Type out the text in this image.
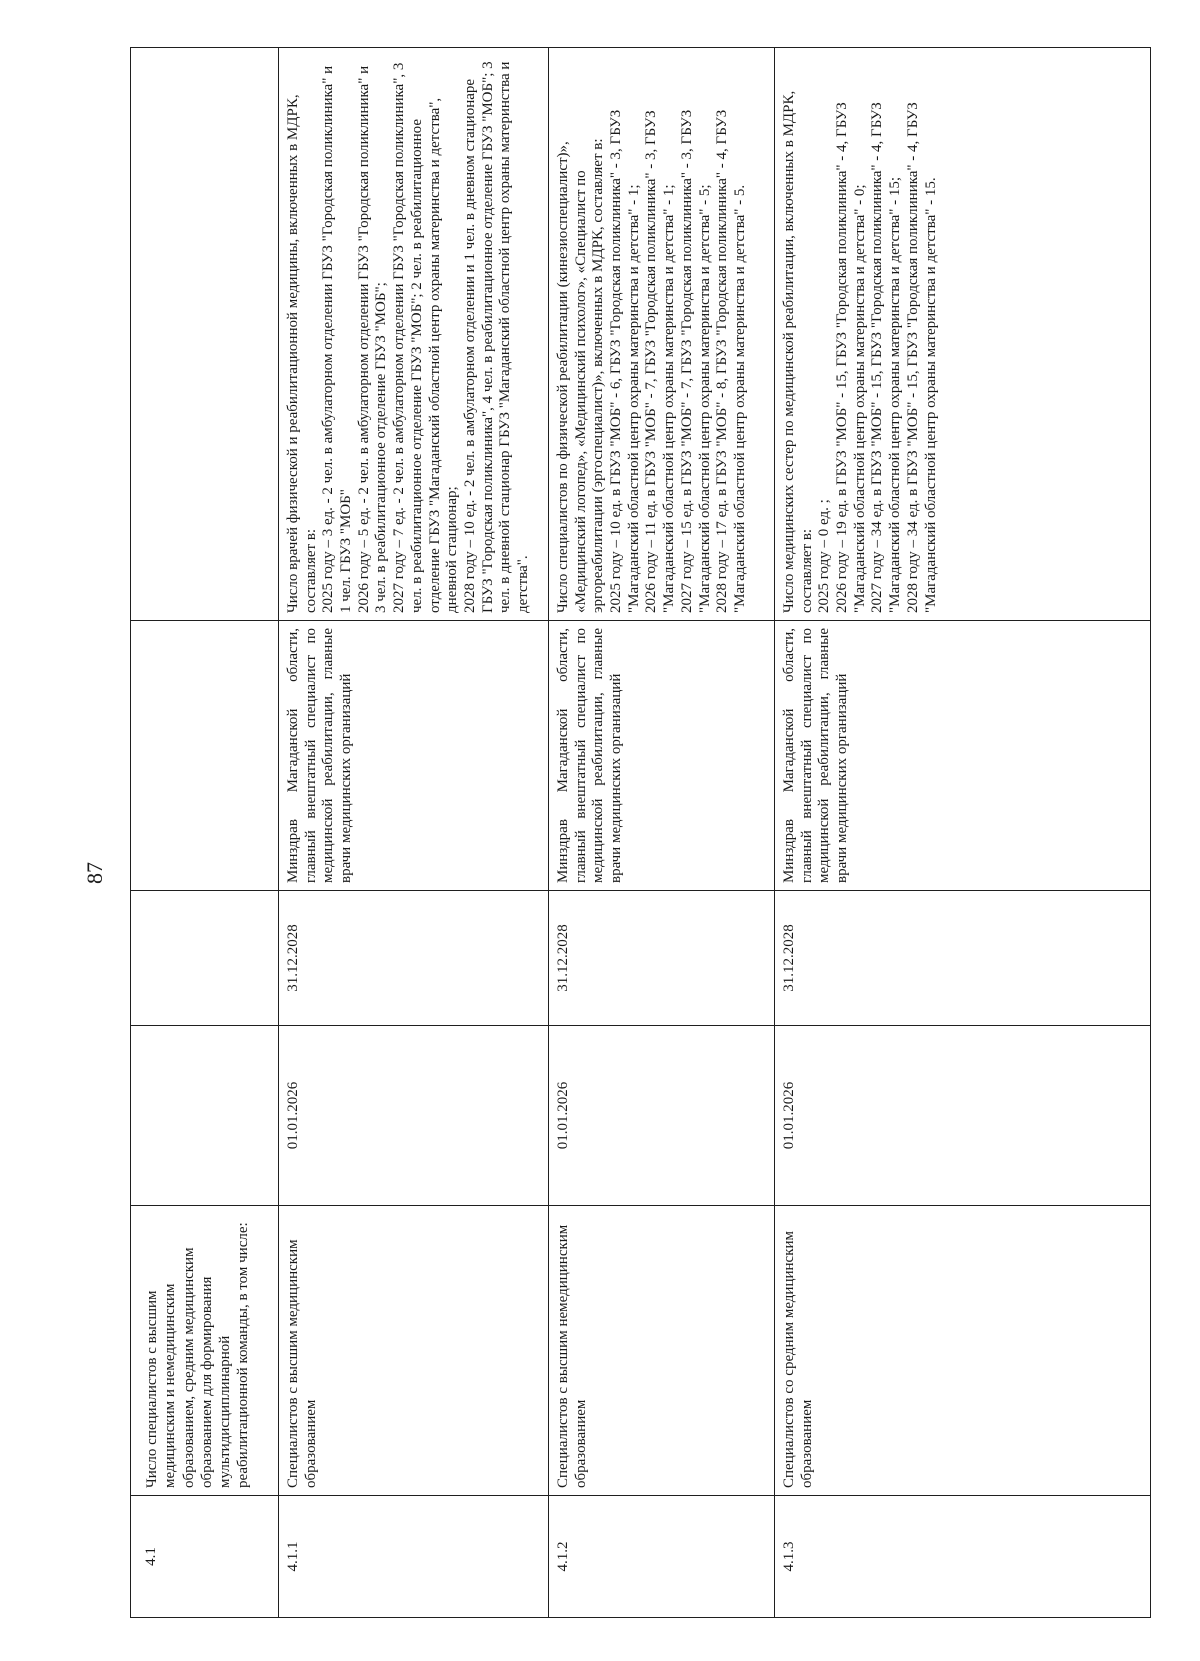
87
4.1	Число специалистов с высшим медицинским и немедицинским образованием, средним медицинским образованием для формирования мультидисциплинарной реабилитационной команды, в том числе:				
4.1.1	Специалистов с высшим медицинским образованием	01.01.2026	31.12.2028	Минздрав Магаданской области, главный внештатный специалист по медицинской реабилитации, главные врачи медицинских организаций	Число врачей физической и реабилитационной медицины, включенных в МДРК, составляет в: 2025 году – 3 ед. - 2 чел. в амбулаторном отделении ГБУЗ "Городская поликлиника" и 1 чел. ГБУЗ "МОБ" 2026 году – 5 ед. - 2 чел. в амбулаторном отделении ГБУЗ "Городская поликлиника" и 3 чел. в реабилитационное отделение ГБУЗ "МОБ"; 2027 году – 7 ед. - 2 чел. в амбулаторном отделении ГБУЗ "Городская поликлиника", 3 чел. в реабилитационное отделение ГБУЗ "МОБ"; 2 чел. в реабилитационное отделение ГБУЗ "Магаданский областной центр охраны материнства и детства", дневной стационар; 2028 году – 10 ед. - 2 чел. в амбулаторном отделении и 1 чел. в дневном стационаре ГБУЗ "Городская поликлиника", 4 чел. в реабилитационное отделение ГБУЗ "МОБ"; 3 чел. в дневной стационар ГБУЗ "Магаданский областной центр охраны материнства и детства".

4.1.2	Специалистов с высшим немедицинским образованием	01.01.2026	31.12.2028	Минздрав Магаданской области, главный внештатный специалист по медицинской реабилитации, главные врачи медицинских организаций	Число специалистов по физической реабилитации (кинезиоспециалист)», «Медицинский логопед», «Медицинский психолог», «Специалист по эргореабилитации (эргоспециалист)», включенных в МДРК, составляет в: 2025 году – 10 ед. в ГБУЗ "МОБ" - 6, ГБУЗ "Городская поликлиника" - 3, ГБУЗ "Магаданский областной центр охраны материнства и детства" - 1; 2026 году – 11 ед. в ГБУЗ "МОБ" - 7, ГБУЗ "Городская поликлиника" - 3, ГБУЗ "Магаданский областной центр охраны материнства и детства" - 1; 2027 году – 15 ед. в ГБУЗ "МОБ" - 7, ГБУЗ "Городская поликлиника" - 3, ГБУЗ "Магаданский областной центр охраны материнства и детства" - 5; 2028 году – 17 ед. в ГБУЗ "МОБ" - 8, ГБУЗ "Городская поликлиника" - 4, ГБУЗ "Магаданский областной центр охраны материнства и детства" - 5.

4.1.3	Специалистов со средним медицинским образованием	01.01.2026	31.12.2028	Минздрав Магаданской области, главный внештатный специалист по медицинской реабилитации, главные врачи медицинских организаций	Число медицинских сестер по медицинской реабилитации, включенных в МДРК, составляет в: 2025 году – 0 ед. ; 2026 году – 19 ед. в ГБУЗ "МОБ" - 15, ГБУЗ "Городская поликлиника" - 4, ГБУЗ "Магаданский областной центр охраны материнства и детства" - 0; 2027 году – 34 ед. в ГБУЗ "МОБ" - 15, ГБУЗ "Городская поликлиника" - 4, ГБУЗ "Магаданский областной центр охраны материнства и детства" - 15; 2028 году – 34 ед. в ГБУЗ "МОБ" - 15, ГБУЗ "Городская поликлиника" - 4, ГБУЗ "Магаданский областной центр охраны материнства и детства" - 15.
